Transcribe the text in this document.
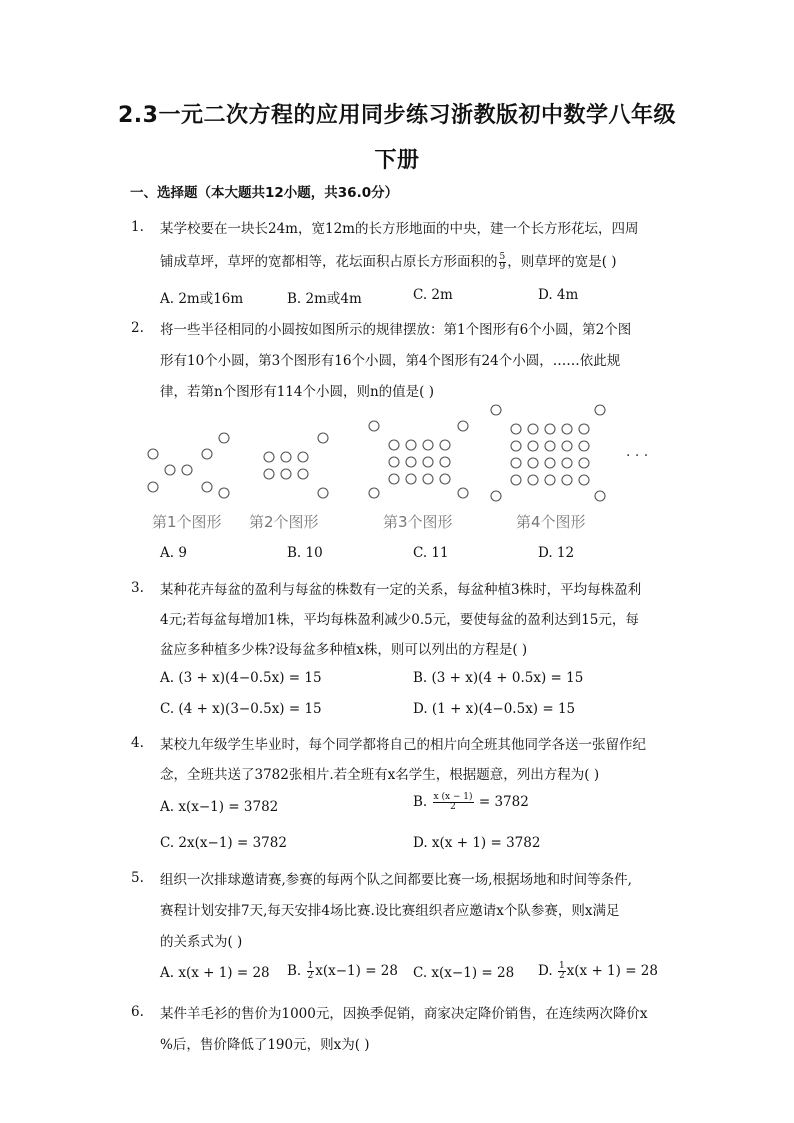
2.3一元二次方程的应用同步练习浙教版初中数学八年级
下册
一、选择题（本大题共12小题，共36.0分）
1. 某学校要在一块长24m，宽12m的长方形地面的中央，建一个长方形花坛，四周
铺成草坪，草坪的宽都相等，花坛面积占原长方形面积的 $\frac{5}{9}$ ，则草坪的宽是( )
A. 2m或16m	B. 2m或4m	C. 2m	D. 4m
2. 将一些半径相同的小圆按如图所示的规律摆放：第1个图形有6个小圆，第2个图
形有10个小圆，第3个图形有16个小圆，第4个图形有24个小圆，……依此规
律，若第n个图形有114个小圆，则n的值是( )
第1个图形 第2个图形	第3个图形	第4个图形
· · ·
A. 9	B. 10	C. 11	D. 12
3. 某种花卉每盆的盈利与每盆的株数有一定的关系，每盆种植3株时，平均每株盈利
4元;若每盆每增加1株，平均每株盈利减少0.5元，要使每盆的盈利达到15元，每
盆应多种植多少株?设每盆多种植x株，则可以列出的方程是( )
A. (3 + x)(4−0.5x) = 15	B. (3 + x)(4 + 0.5x) = 15
C. (4 + x)(3−0.5x) = 15	D. (1 + x)(4−0.5x) = 15
4. 某校九年级学生毕业时，每个同学都将自己的相片向全班其他同学各送一张留作纪
念，全班共送了3782张相片.若全班有x名学生，根据题意，列出方程为( )
A. x(x−1) = 3782	B. $\frac{x (x - 1)}{2} = 3782$
C. 2x(x−1) = 3782	D. x(x + 1) = 3782
5. 组织一次排球邀请赛,参赛的每两个队之间都要比赛一场,根据场地和时间等条件,
赛程计划安排7天,每天安排4场比赛.设比赛组织者应邀请x个队参赛，则x满足
的关系式为( )
A. x(x + 1) = 28 B. $\frac{1}{2} x(x-1) = 28$ C. x(x−1) = 28 D. $\frac{1}{2} x(x + 1) = 28$
6. 某件羊毛衫的售价为1000元，因换季促销，商家决定降价销售，在连续两次降价x
%后，售价降低了190元，则x为( )
